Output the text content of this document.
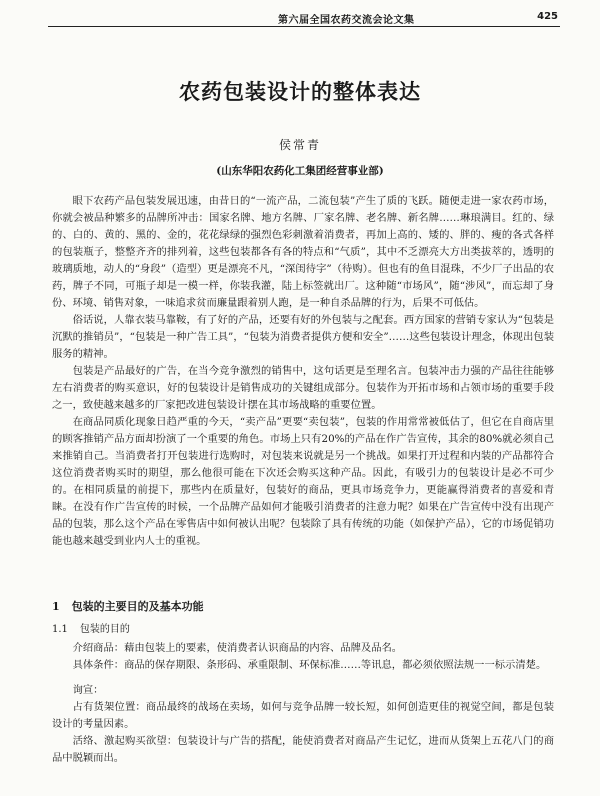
第六届全国农药交流会论文集	425
农药包装设计的整体表达
侯常青
(山东华阳农药化工集团经营事业部)

眼下农药产品包装发展迅速，由昔日的“一流产品，二流包装”产生了质的飞跃。随便走进一家农药市场，你就会被品种繁多的品牌所冲击：国家名牌、地方名牌、厂家名牌、老名牌、新名牌……琳琅满目。红的、绿的、白的、黄的、黑的、金的，花花绿绿的强烈色彩刺激着消费者，再加上高的、矮的、胖的、瘦的各式各样的包装瓶子，整整齐齐的排列着，这些包装都各有各的特点和“气质”，其中不乏漂亮大方出类拔萃的，透明的玻璃质地，动人的“身段”（造型）更是漂亮不凡，“深闺待字”（待购）。但也有的鱼目混珠，不少厂子出品的农药，牌子不同，可瓶子却是一模一样，你装我灌，陆上标签就出厂。这种随“市场风”，随“涉风”，而忘却了身份、环境、销售对象，一味追求贫而廉量跟着别人跑，是一种自杀品牌的行为，后果不可低估。

俗话说，人靠衣装马靠鞍，有了好的产品，还要有好的外包装与之配套。西方国家的营销专家认为“包装是沉默的推销员”，“包装是一种广告工具”，“包装为消费者提供方便和安全”……这些包装设计理念，体现出包装服务的精神。

包装是产品最好的广告，在当今竞争激烈的销售中，这句话更是至理名言。包装冲击力强的产品往往能够左右消费者的购买意识，好的包装设计是销售成功的关键组成部分。包装作为开拓市场和占领市场的重要手段之一，致使越来越多的厂家把改进包装设计摆在其市场战略的重要位置。

在商品同质化现象日趋严重的今天，“卖产品”更要“卖包装”，包装的作用常常被低估了，但它在自商店里的顾客推销产品方面却扮演了一个重要的角色。市场上只有20%的产品在作广告宣传，其余的80%就必须自己来推销自己。当消费者打开包装进行选购时，对包装来说就是另一个挑战。如果打开过程和内装的产品都符合这位消费者购买时的期望，那么他很可能在下次还会购买这种产品。因此，有吸引力的包装设计是必不可少的。在相同质量的前提下，那些内在质量好，包装好的商品，更具市场竞争力，更能赢得消费者的喜爱和青睐。在没有作广告宣传的时候，一个品牌产品如何才能吸引消费者的注意力呢？如果在广告宣传中没有出现产品的包装，那么这个产品在零售店中如何被认出呢？包装除了具有传统的功能（如保护产品），它的市场促销功能也越来越受到业内人士的重视。

1 包装的主要目的及基本功能
1.1 包装的目的

介绍商品：藉由包装上的要素，使消费者认识商品的内容、品牌及品名。

具体条件：商品的保存期限、条形码、承重限制、环保标准……等讯息，都必须依照法规一一标示清楚。

询宣：

占有货架位置：商品最终的战场在卖场，如何与竞争品牌一较长短，如何创造更佳的视觉空间，都是包装设计的考量因素。

活络、激起购买欲望：包装设计与广告的搭配，能使消费者对商品产生记忆，进而从货架上五花八门的商品中脱颖而出。
